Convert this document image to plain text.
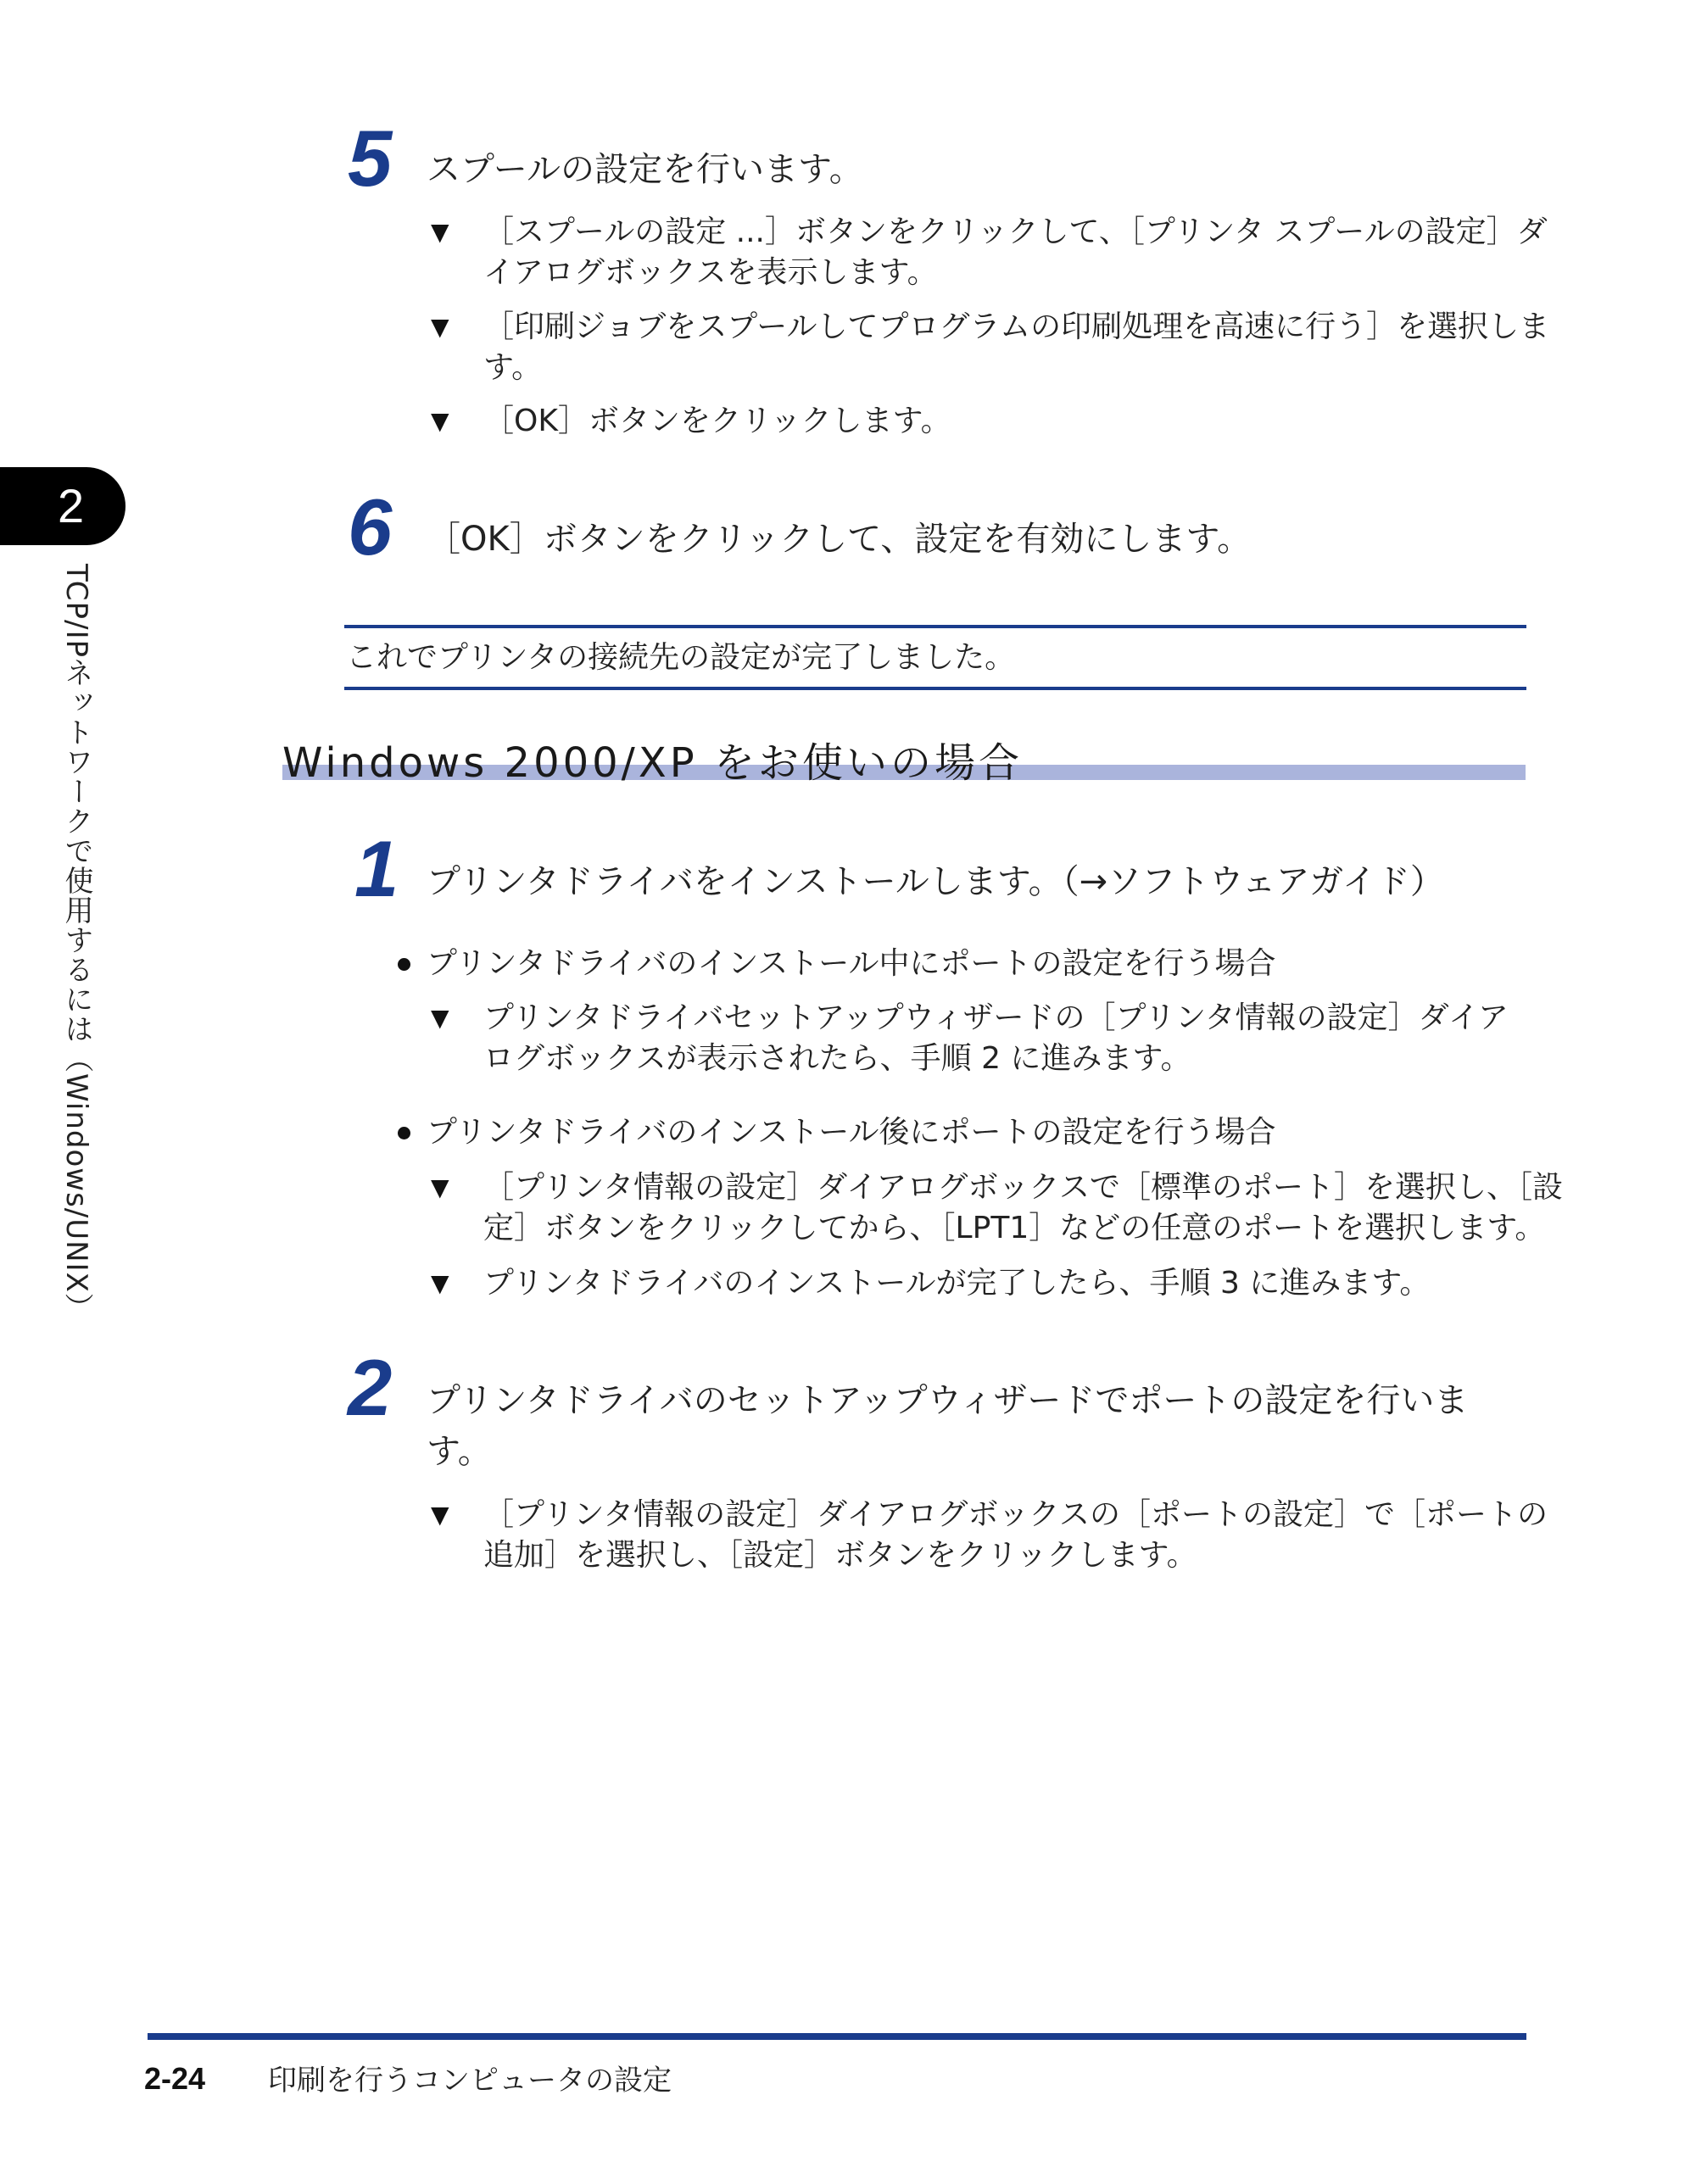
2
TCP/IPネットワークで使用するには（Windows/UNIX）
5 スプールの設定を行います。
▼ ［スプールの設定 ...］ボタンをクリックして、［プリンタ スプールの設定］ダ
イアログボックスを表示します。
▼ ［印刷ジョブをスプールしてプログラムの印刷処理を高速に行う］を選択しま
す。
▼ ［OK］ボタンをクリックします。
6 ［OK］ボタンをクリックして、設定を有効にします。
これでプリンタの接続先の設定が完了しました。
Windows 2000/XP をお使いの場合
1 プリンタドライバをインストールします。（→ソフトウェアガイド）
プリンタドライバのインストール中にポートの設定を行う場合
▼ プリンタドライバセットアップウィザードの［プリンタ情報の設定］ダイア
ログボックスが表示されたら、手順 2 に進みます。
プリンタドライバのインストール後にポートの設定を行う場合
▼ ［プリンタ情報の設定］ダイアログボックスで［標準のポート］を選択し、［設
定］ボタンをクリックしてから、［LPT1］などの任意のポートを選択します。
▼ プリンタドライバのインストールが完了したら、手順 3 に進みます。
2 プリンタドライバのセットアップウィザードでポートの設定を行いま
す。
▼ ［プリンタ情報の設定］ダイアログボックスの［ポートの設定］で［ポートの
追加］を選択し、［設定］ボタンをクリックします。
2-24 印刷を行うコンピュータの設定
